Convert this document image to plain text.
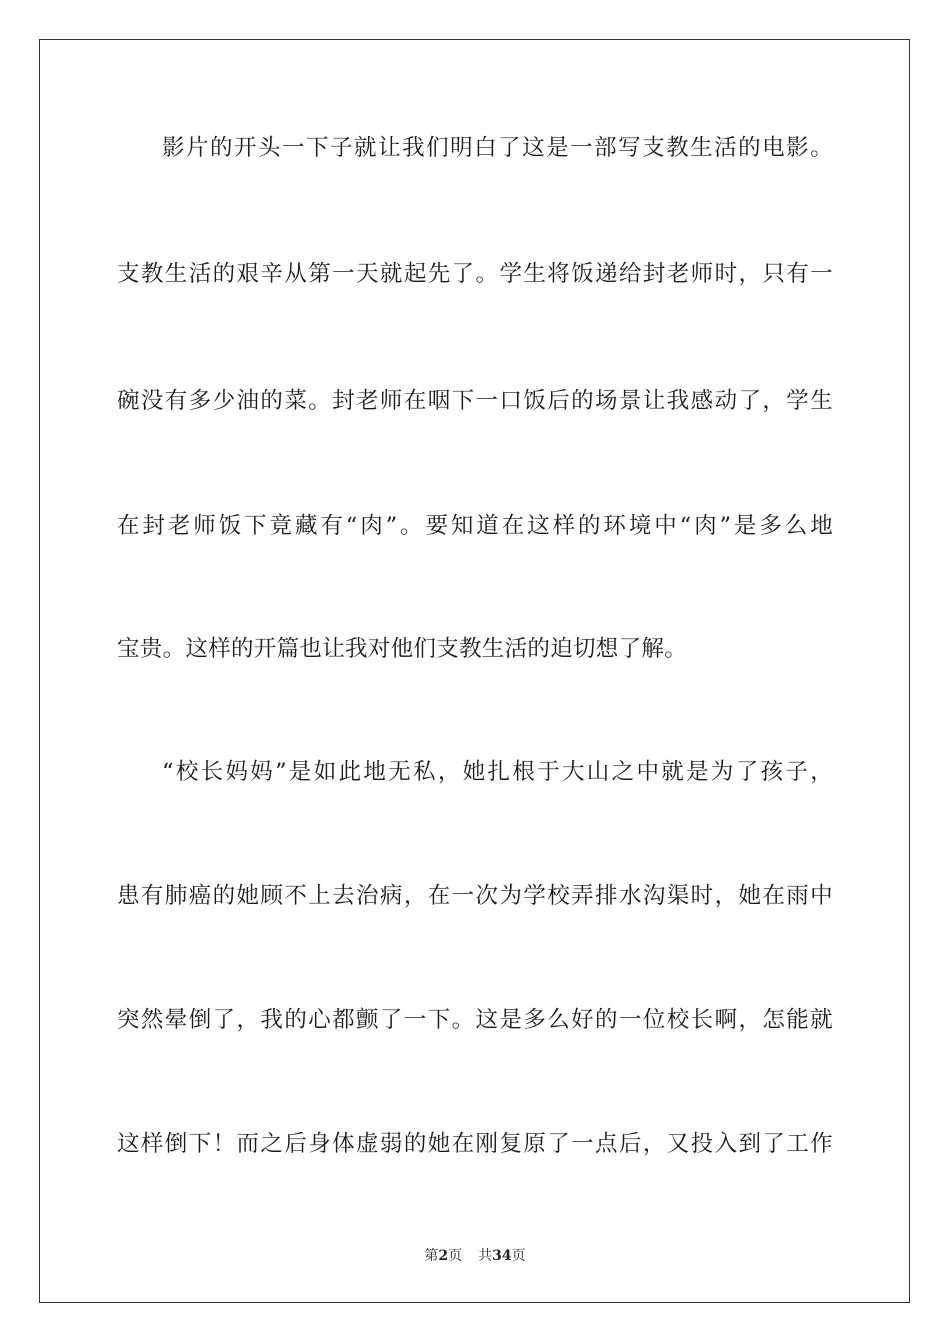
影片的开头一下子就让我们明白了这是一部写支教生活的电影。
支教生活的艰辛从第一天就起先了。学生将饭递给封老师时，只有一
碗没有多少油的菜。封老师在咽下一口饭后的场景让我感动了，学生
在封老师饭下竟藏有“肉”。要知道在这样的环境中“肉”是多么地
宝贵。这样的开篇也让我对他们支教生活的迫切想了解。
“校长妈妈”是如此地无私，她扎根于大山之中就是为了孩子，
患有肺癌的她顾不上去治病，在一次为学校弄排水沟渠时，她在雨中
突然晕倒了，我的心都颤了一下。这是多么好的一位校长啊，怎能就
这样倒下！而之后身体虚弱的她在刚复原了一点后，又投入到了工作
第2页 共34页
